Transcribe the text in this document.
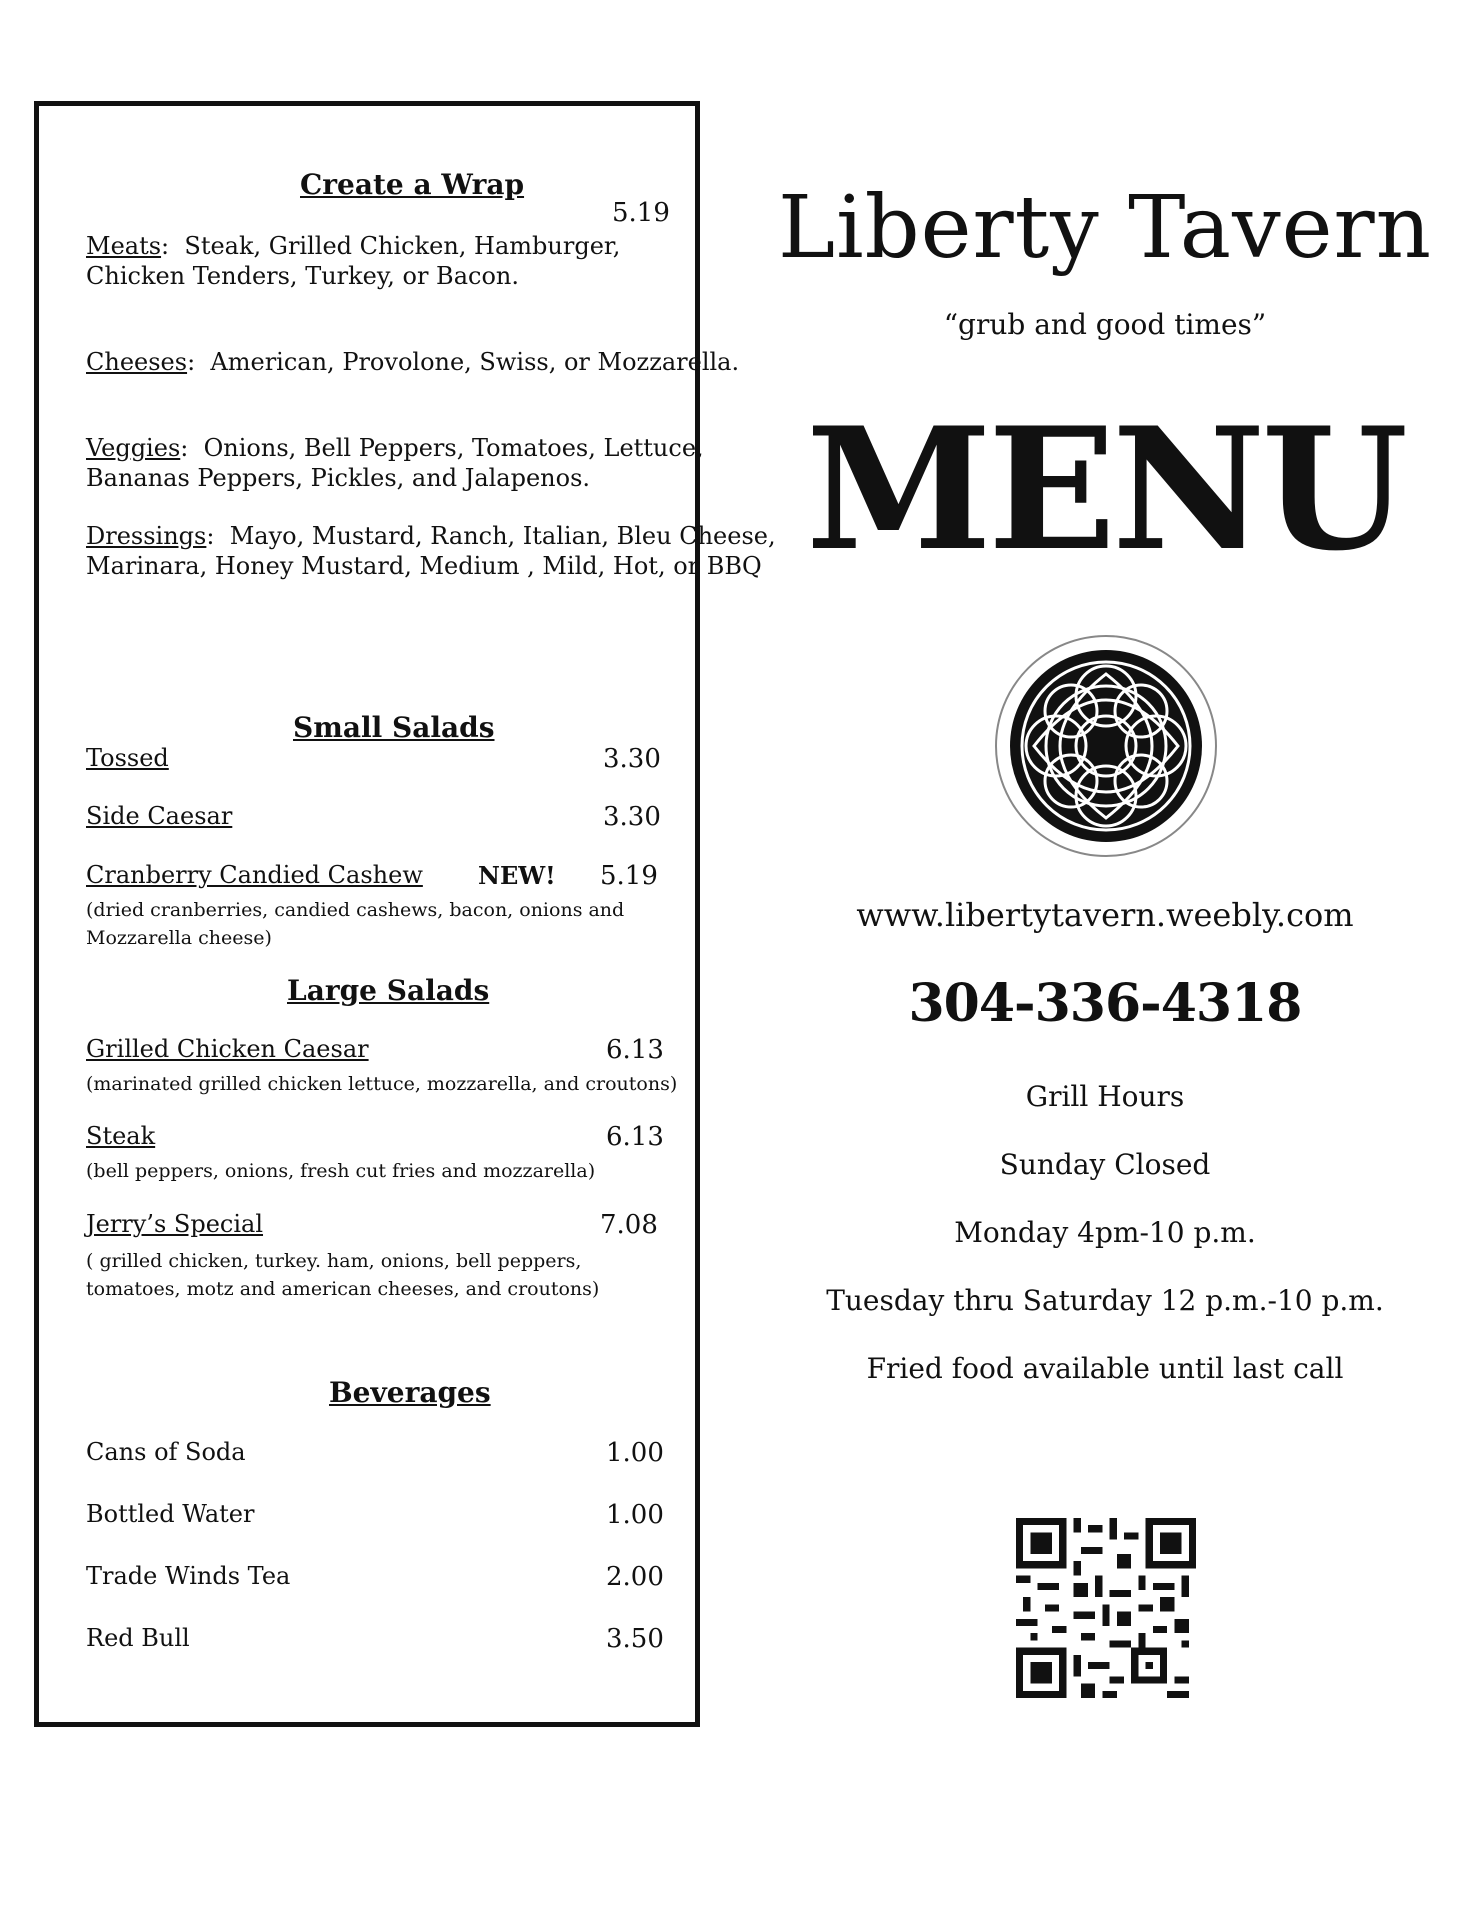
Create a Wrap
5.19
Meats:  Steak, Grilled Chicken, Hamburger,
Chicken Tenders, Turkey, or Bacon.
Cheeses:  American, Provolone, Swiss, or Mozzarella.
Veggies:  Onions, Bell Peppers, Tomatoes, Lettuce,
Bananas Peppers, Pickles, and Jalapenos.
Dressings:  Mayo, Mustard, Ranch, Italian, Bleu Cheese,
Marinara, Honey Mustard, Medium , Mild, Hot, or BBQ
Small Salads
Tossed	3.30
Side Caesar	3.30
Cranberry Candied Cashew NEW! 5.19
(dried cranberries, candied cashews, bacon, onions and
Mozzarella cheese)
Large Salads
Grilled Chicken Caesar	6.13
(marinated grilled chicken lettuce, mozzarella, and croutons)
Steak	6.13
(bell peppers, onions, fresh cut fries and mozzarella)
Jerry’s Special	7.08
( grilled chicken, turkey. ham, onions, bell peppers,
tomatoes, motz and american cheeses, and croutons)
Beverages
Cans of Soda	1.00
Bottled Water	1.00
Trade Winds Tea	2.00
Red Bull	3.50
Liberty Tavern
“grub and good times”
MENU
www.libertytavern.weebly.com
304-336-4318
Grill Hours
Sunday Closed
Monday 4pm-10 p.m.
Tuesday thru Saturday 12 p.m.-10 p.m.
Fried food available until last call
